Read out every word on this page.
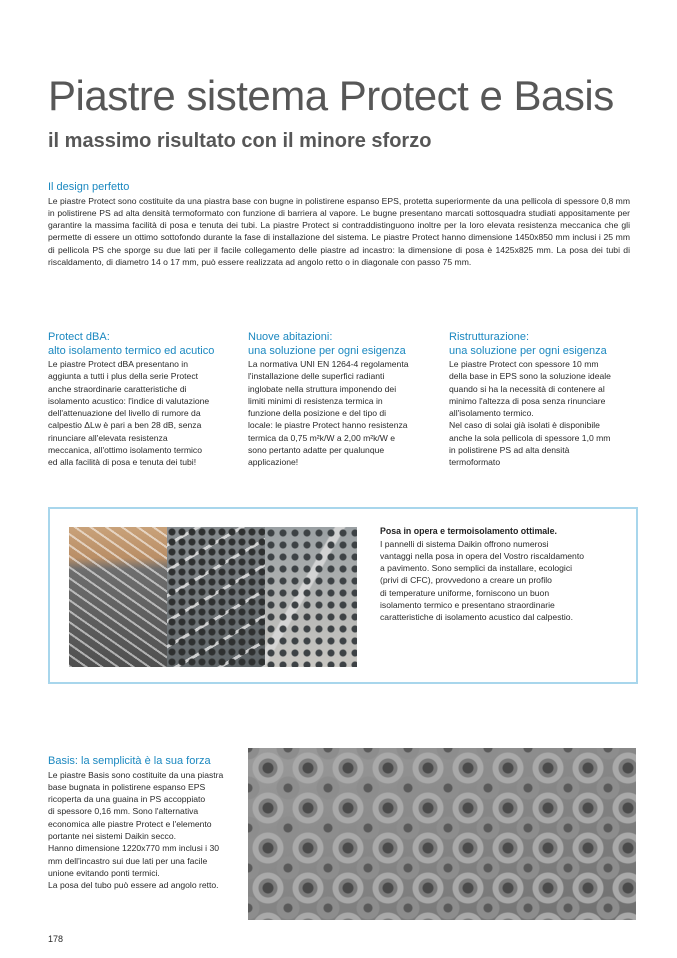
Piastre sistema Protect e Basis
il massimo risultato con il minore sforzo
Il design perfetto

Le piastre Protect sono costituite da una piastra base con bugne in polistirene espanso EPS, protetta superiormente da una pellicola di spessore 0,8 mm in polistirene PS ad alta densità termoformato con funzione di barriera al vapore. Le bugne presentano marcati sottosquadra studiati appositamente per garantire la massima facilità di posa e tenuta dei tubi. La piastre Protect si contraddistinguono inoltre per la loro elevata resistenza meccanica che gli permette di essere un ottimo sottofondo durante la fase di installazione del sistema. Le piastre Protect hanno dimensione 1450x850 mm inclusi i 25 mm di pellicola PS che sporge su due lati per il facile collegamento delle piastre ad incastro: la dimensione di posa è 1425x825 mm. La posa dei tubi di riscaldamento, di diametro 14 o 17 mm, può essere realizzata ad angolo retto o in diagonale con passo 75 mm.

Protect dBA:
alto isolamento termico ed acutico

Le piastre Protect dBA presentano in
aggiunta a tutti i plus della serie Protect
anche straordinarie caratteristiche di
isolamento acustico: l'indice di valutazione
dell'attenuazione del livello di rumore da
calpestio ΔLw è pari a ben 28 dB, senza
rinunciare all'elevata resistenza
meccanica, all'ottimo isolamento termico
ed alla facilità di posa e tenuta dei tubi!

Nuove abitazioni:
una soluzione per ogni esigenza

La normativa UNI EN 1264-4 regolamenta
l'installazione delle superfici radianti
inglobate nella struttura imponendo dei
limiti minimi di resistenza termica in
funzione della posizione e del tipo di
locale: le piastre Protect hanno resistenza
termica da 0,75 m²k/W a 2,00 m²k/W e
sono pertanto adatte per qualunque
applicazione!

Ristrutturazione:
una soluzione per ogni esigenza

Le piastre Protect con spessore 10 mm
della base in EPS sono la soluzione ideale
quando si ha la necessità di contenere al
minimo l'altezza di posa senza rinunciare
all'isolamento termico.
Nel caso di solai già isolati è disponibile
anche la sola pellicola di spessore 1,0 mm
in polistirene PS ad alta densità
termoformato

Posa in opera e termoisolamento ottimale.

I pannelli di sistema Daikin offrono numerosi
vantaggi nella posa in opera del Vostro riscaldamento
a pavimento. Sono semplici da installare, ecologici
(privi di CFC), provvedono a creare un profilo
di temperature uniforme, forniscono un buon
isolamento termico e presentano straordinarie
caratteristiche di isolamento acustico dal calpestio.

Basis: la semplicità è la sua forza

Le piastre Basis sono costituite da una piastra
base bugnata in polistirene espanso EPS
ricoperta da una guaina in PS accoppiato
di spessore 0,16 mm. Sono l'alternativa
economica alle piastre Protect e l'elemento
portante nei sistemi Daikin secco.
Hanno dimensione 1220x770 mm inclusi i 30
mm dell'incastro sui due lati per una facile
unione evitando ponti termici.
La posa del tubo può essere ad angolo retto.

178
